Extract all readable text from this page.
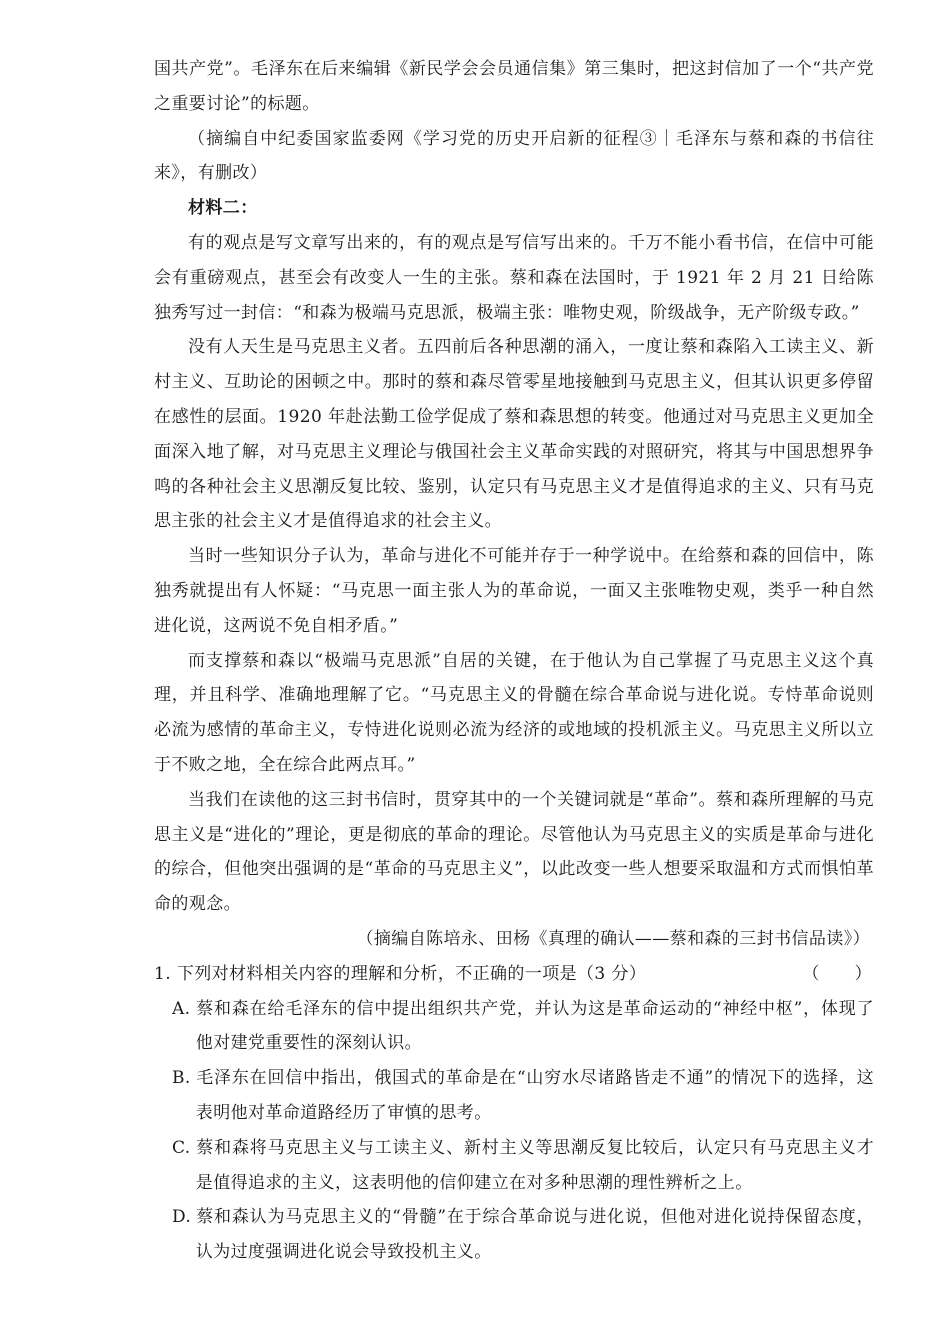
国共产党”。毛泽东在后来编辑《新民学会会员通信集》第三集时，把这封信加了一个“共产党之重要讨论”的标题。

（摘编自中纪委国家监委网《学习党的历史开启新的征程③｜毛泽东与蔡和森的书信往来》，有删改）

材料二：

有的观点是写文章写出来的，有的观点是写信写出来的。千万不能小看书信，在信中可能会有重磅观点，甚至会有改变人一生的主张。蔡和森在法国时，于 1921 年 2 月 21 日给陈独秀写过一封信：“和森为极端马克思派，极端主张：唯物史观，阶级战争，无产阶级专政。”

没有人天生是马克思主义者。五四前后各种思潮的涌入，一度让蔡和森陷入工读主义、新村主义、互助论的困顿之中。那时的蔡和森尽管零星地接触到马克思主义，但其认识更多停留在感性的层面。1920 年赴法勤工俭学促成了蔡和森思想的转变。他通过对马克思主义更加全面深入地了解，对马克思主义理论与俄国社会主义革命实践的对照研究，将其与中国思想界争鸣的各种社会主义思潮反复比较、鉴别，认定只有马克思主义才是值得追求的主义、只有马克思主张的社会主义才是值得追求的社会主义。

当时一些知识分子认为，革命与进化不可能并存于一种学说中。在给蔡和森的回信中，陈独秀就提出有人怀疑：“马克思一面主张人为的革命说，一面又主张唯物史观，类乎一种自然进化说，这两说不免自相矛盾。”

而支撑蔡和森以“极端马克思派”自居的关键，在于他认为自己掌握了马克思主义这个真理，并且科学、准确地理解了它。“马克思主义的骨髓在综合革命说与进化说。专恃革命说则必流为感情的革命主义，专恃进化说则必流为经济的或地域的投机派主义。马克思主义所以立于不败之地，全在综合此两点耳。”

当我们在读他的这三封书信时，贯穿其中的一个关键词就是“革命”。蔡和森所理解的马克思主义是“进化的”理论，更是彻底的革命的理论。尽管他认为马克思主义的实质是革命与进化的综合，但他突出强调的是“革命的马克思主义”，以此改变一些人想要采取温和方式而惧怕革命的观念。

（摘编自陈培永、田杨《真理的确认——蔡和森的三封书信品读》）

1. 下列对材料相关内容的理解和分析，不正确的一项是（3 分）	（　　）

A. 蔡和森在给毛泽东的信中提出组织共产党，并认为这是革命运动的“神经中枢”，体现了他对建党重要性的深刻认识。

B. 毛泽东在回信中指出，俄国式的革命是在“山穷水尽诸路皆走不通”的情况下的选择，这表明他对革命道路经历了审慎的思考。

C. 蔡和森将马克思主义与工读主义、新村主义等思潮反复比较后，认定只有马克思主义才是值得追求的主义，这表明他的信仰建立在对多种思潮的理性辨析之上。

D. 蔡和森认为马克思主义的“骨髓”在于综合革命说与进化说，但他对进化说持保留态度，认为过度强调进化说会导致投机主义。
